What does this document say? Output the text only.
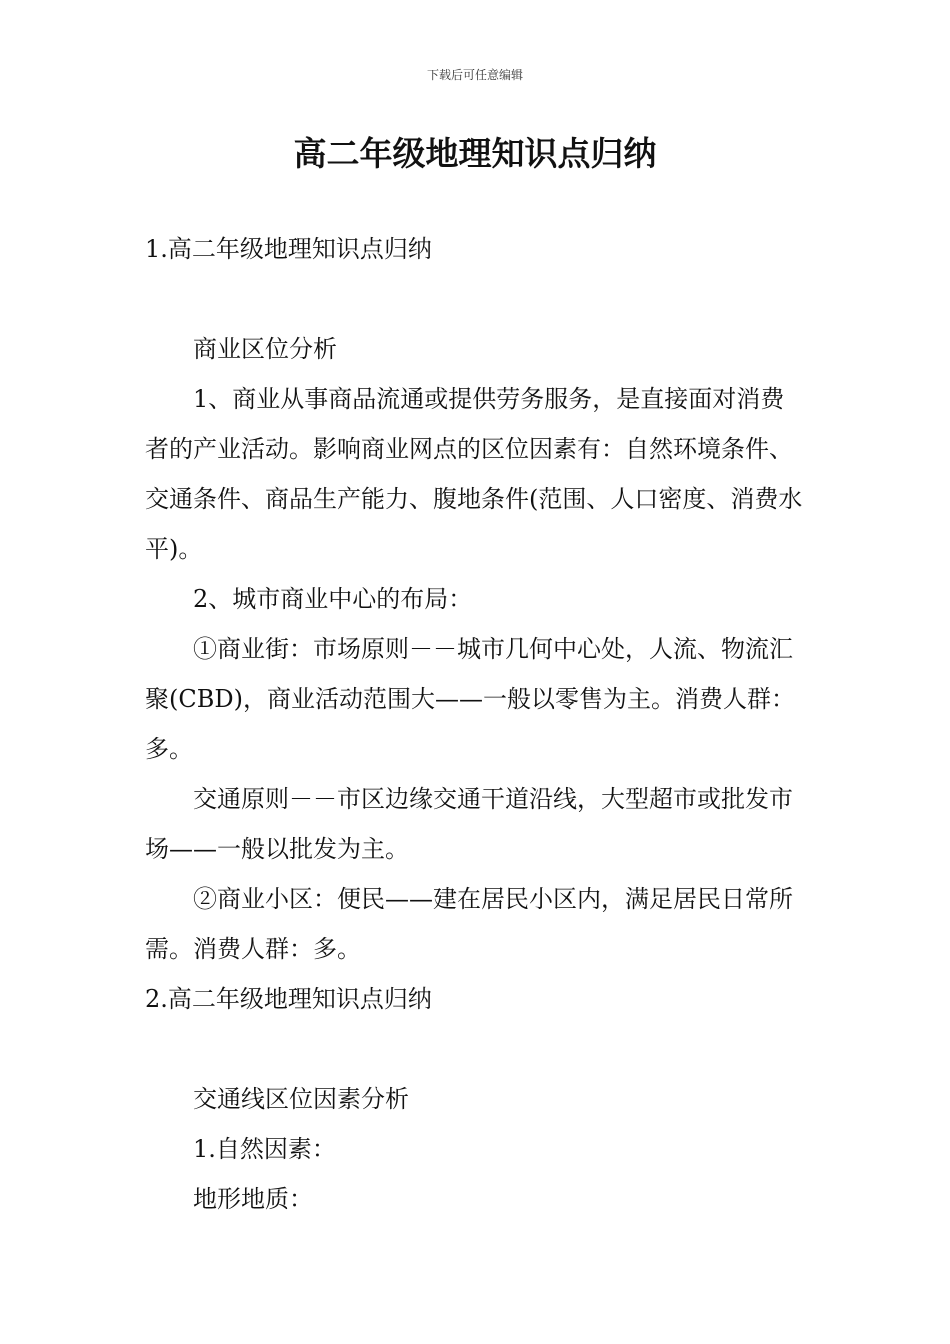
下载后可任意编辑
高二年级地理知识点归纳

1.高二年级地理知识点归纳

商业区位分析

1、商业从事商品流通或提供劳务服务，是直接面对消费者的产业活动。影响商业网点的区位因素有：自然环境条件、交通条件、商品生产能力、腹地条件(范围、人口密度、消费水平)。

2、城市商业中心的布局：

①商业街：市场原则－－城市几何中心处，人流、物流汇聚(CBD)，商业活动范围大——一般以零售为主。消费人群：多。

交通原则－－市区边缘交通干道沿线，大型超市或批发市场——一般以批发为主。

②商业小区：便民——建在居民小区内，满足居民日常所需。消费人群：多。

2.高二年级地理知识点归纳

交通线区位因素分析

1.自然因素：

地形地质：
